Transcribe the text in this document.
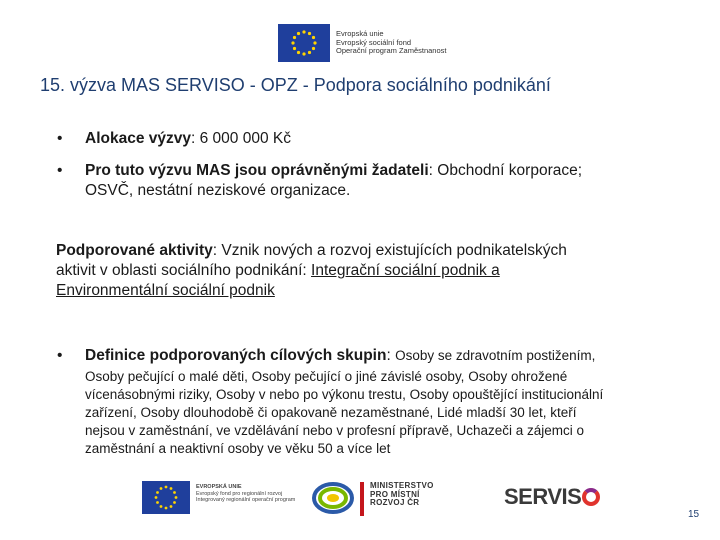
Evropská unie
Evropský sociální fond
Operační program Zaměstnanost
15. výzva MAS SERVISO - OPZ - Podpora sociálního podnikání
• Alokace výzvy: 6 000 000 Kč
• Pro tuto výzvu MAS jsou oprávněnými žadateli: Obchodní korporace;
OSVČ, nestátní neziskové organizace.
Podporované aktivity: Vznik nových a rozvoj existujících podnikatelských
aktivit v oblasti sociálního podnikání: Integrační sociální podnik a
Environmentální sociální podnik
• Definice podporovaných cílových skupin: Osoby se zdravotním postižením,
Osoby pečující o malé děti, Osoby pečující o jiné závislé osoby, Osoby ohrožené
vícenásobnými riziky, Osoby v nebo po výkonu trestu, Osoby opouštějící institucionální
zařízení, Osoby dlouhodobě či opakovaně nezaměstnané, Lidé mladší 30 let, kteří
nejsou v zaměstnání, ve vzdělávání nebo v profesní přípravě, Uchazeči a zájemci o
zaměstnání a neaktivní osoby ve věku 50 a více let
EVROPSKÁ UNIE
Evropský fond pro regionální rozvoj
Integrovaný regionální operační program
MINISTERSTVO
PRO MÍSTNÍ
ROZVOJ ČR	SERVIS
15
